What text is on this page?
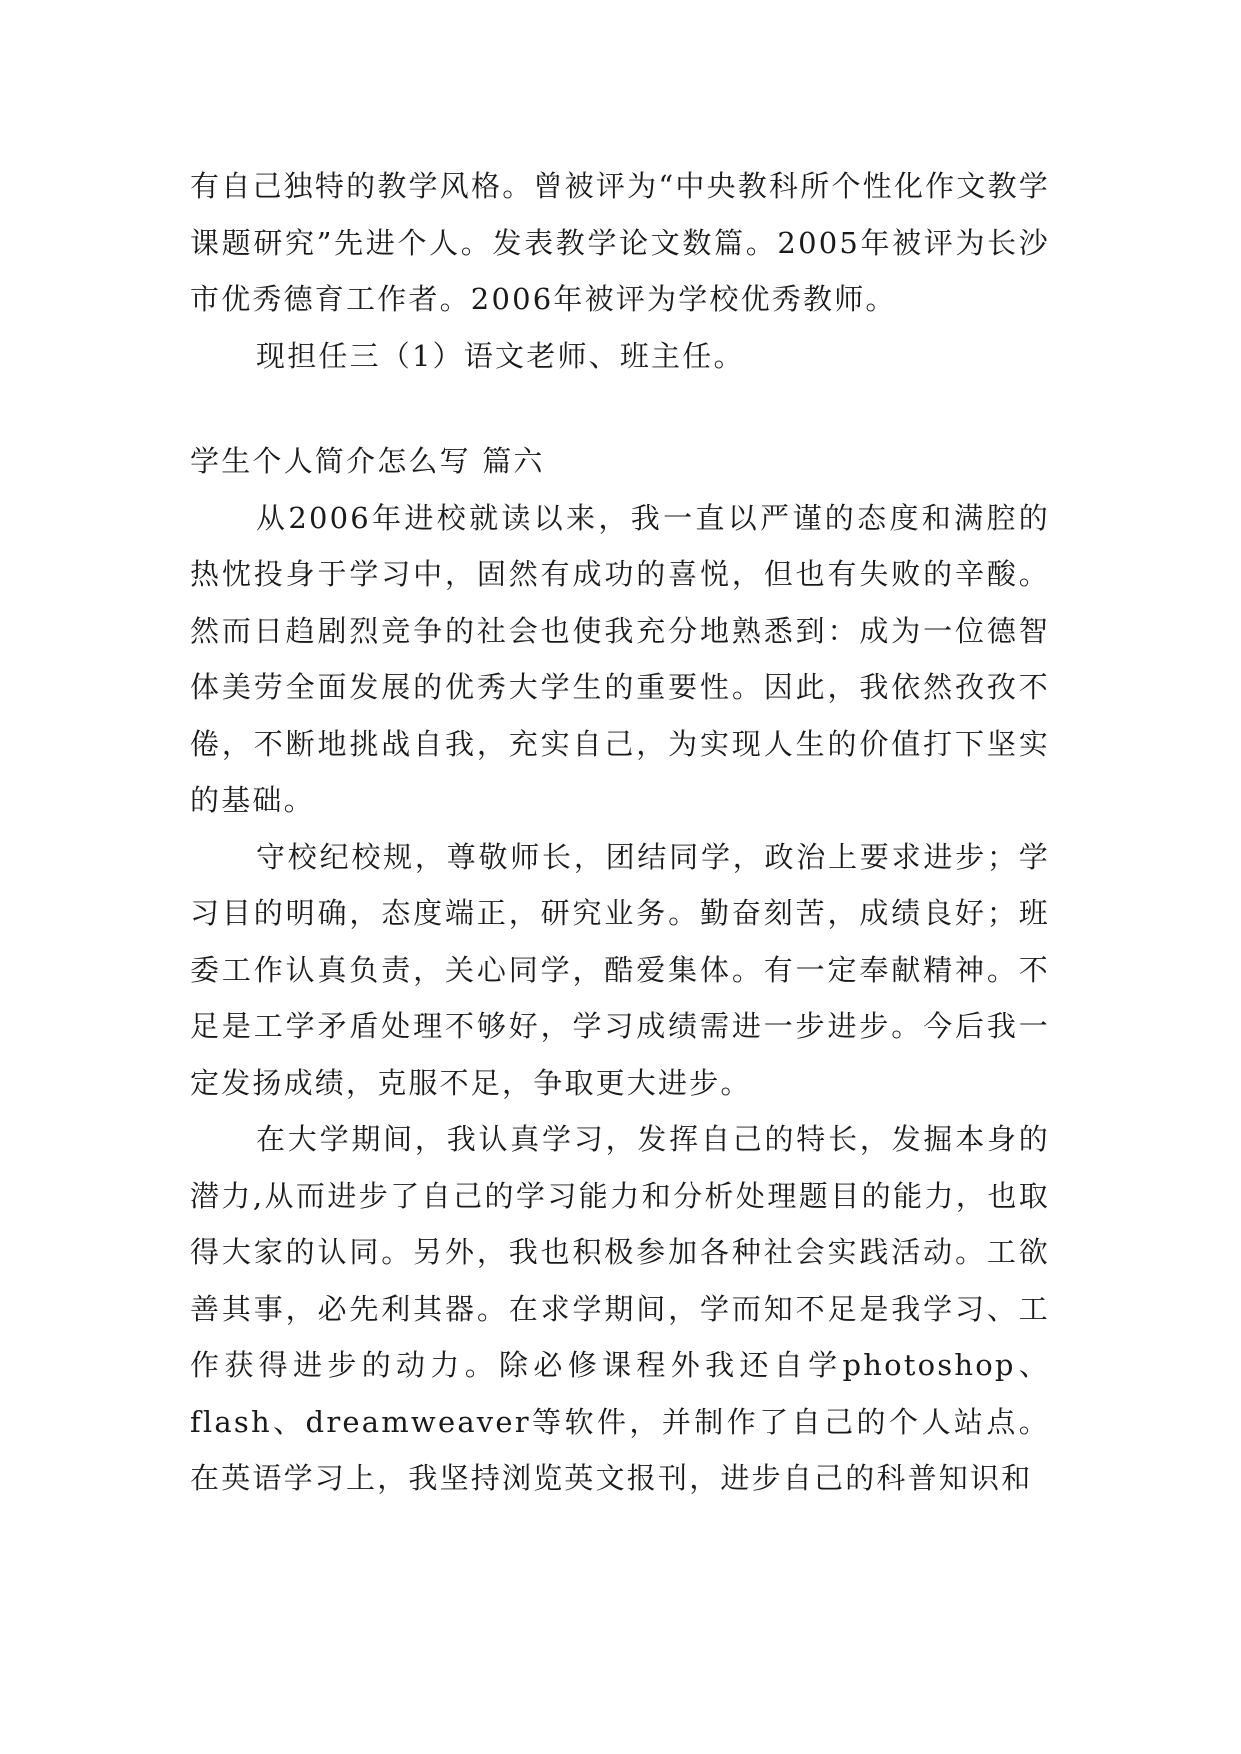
有自己独特的教学风格。曾被评为“中央教科所个性化作文教学课题研究”先进个人。发表教学论文数篇。2005年被评为长沙市优秀德育工作者。2006年被评为学校优秀教师。

现担任三（1）语文老师、班主任。

学生个人简介怎么写 篇六

从2006年进校就读以来，我一直以严谨的态度和满腔的热忱投身于学习中，固然有成功的喜悦，但也有失败的辛酸。然而日趋剧烈竞争的社会也使我充分地熟悉到：成为一位德智体美劳全面发展的优秀大学生的重要性。因此，我依然孜孜不倦，不断地挑战自我，充实自己，为实现人生的价值打下坚实的基础。

守校纪校规，尊敬师长，团结同学，政治上要求进步；学习目的明确，态度端正，研究业务。勤奋刻苦，成绩良好；班委工作认真负责，关心同学，酷爱集体。有一定奉献精神。不足是工学矛盾处理不够好，学习成绩需进一步进步。今后我一定发扬成绩，克服不足，争取更大进步。

在大学期间，我认真学习，发挥自己的特长，发掘本身的潜力,从而进步了自己的学习能力和分析处理题目的能力，也取得大家的认同。另外，我也积极参加各种社会实践活动。工欲善其事，必先利其器。在求学期间，学而知不足是我学习、工作获得进步的动力。除必修课程外我还自学photoshop、flash、dreamweaver等软件，并制作了自己的个人站点。在英语学习上，我坚持浏览英文报刊，进步自己的科普知识和
